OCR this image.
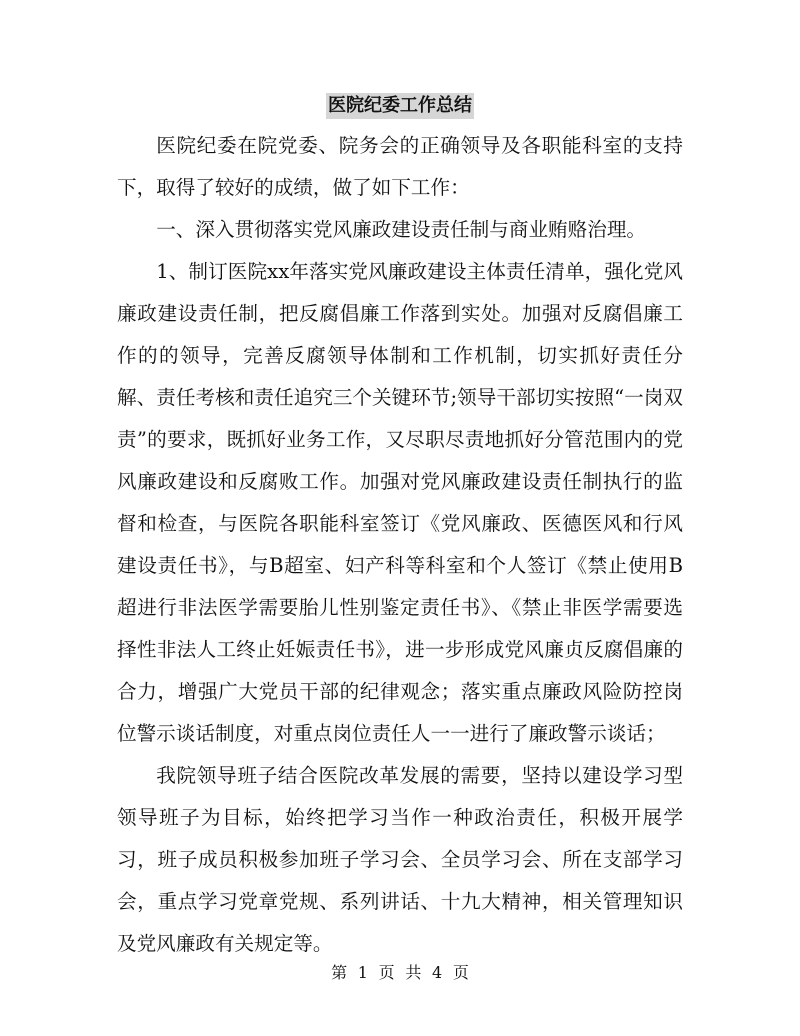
医院纪委工作总结

医院纪委在院党委、院务会的正确领导及各职能科室的支持下，取得了较好的成绩，做了如下工作：

一、深入贯彻落实党风廉政建设责任制与商业贿赂治理。

1、制订医院xx年落实党风廉政建设主体责任清单，强化党风廉政建设责任制，把反腐倡廉工作落到实处。加强对反腐倡廉工作的的领导，完善反腐领导体制和工作机制，切实抓好责任分解、责任考核和责任追究三个关键环节;领导干部切实按照“一岗双责”的要求，既抓好业务工作，又尽职尽责地抓好分管范围内的党风廉政建设和反腐败工作。加强对党风廉政建设责任制执行的监督和检查，与医院各职能科室签订《党风廉政、医德医风和行风建设责任书》，与B超室、妇产科等科室和个人签订《禁止使用B超进行非法医学需要胎儿性别鉴定责任书》、《禁止非医学需要选择性非法人工终止妊娠责任书》，进一步形成党风廉贞反腐倡廉的合力，增强广大党员干部的纪律观念；落实重点廉政风险防控岗位警示谈话制度，对重点岗位责任人一一进行了廉政警示谈话；

我院领导班子结合医院改革发展的需要，坚持以建设学习型领导班子为目标，始终把学习当作一种政治责任，积极开展学习，班子成员积极参加班子学习会、全员学习会、所在支部学习会，重点学习党章党规、系列讲话、十九大精神，相关管理知识及党风廉政有关规定等。

第 1 页 共 4 页
